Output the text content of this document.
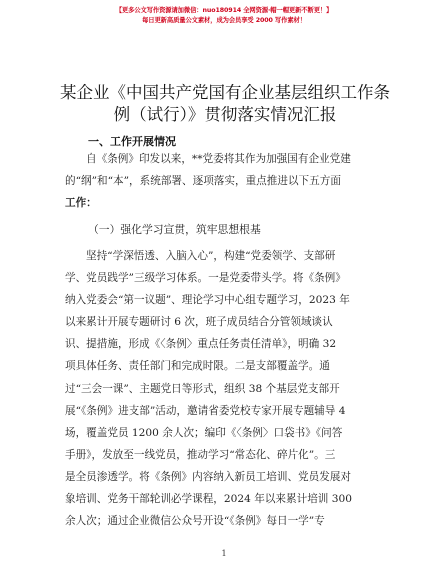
【更多公文写作资源请加微信：nuo180914 全网资源·帽一帽更新不断更！】
每日更新高质量公文素材，成为会员享受 2000 写作素材！
某企业《中国共产党国有企业基层组织工作条
例（试行）》贯彻落实情况汇报
一、工作开展情况
自《条例》印发以来，**党委将其作为加强国有企业党建
的“纲”和“本”，系统部署、逐项落实，重点推进以下五方面
工作：
（一）强化学习宣贯，筑牢思想根基
坚持“学深悟透、入脑入心”，构建“党委领学、支部研
学、党员践学”三级学习体系。一是党委带头学。将《条例》
纳入党委会“第一议题”、理论学习中心组专题学习，2023 年
以来累计开展专题研讨 6 次，班子成员结合分管领域谈认
识、提措施，形成《〈条例〉重点任务责任清单》，明确 32
项具体任务、责任部门和完成时限。二是支部覆盖学。通
过“三会一课”、主题党日等形式，组织 38 个基层党支部开
展“《条例》进支部”活动，邀请省委党校专家开展专题辅导 4
场，覆盖党员 1200 余人次；编印《〈条例〉口袋书》《问答
手册》，发放至一线党员，推动学习“常态化、碎片化”。三
是全员渗透学。将《条例》内容纳入新员工培训、党员发展对
象培训、党务干部轮训必学课程，2024 年以来累计培训 300
余人次；通过企业微信公众号开设“《条例》每日一学”专
1
